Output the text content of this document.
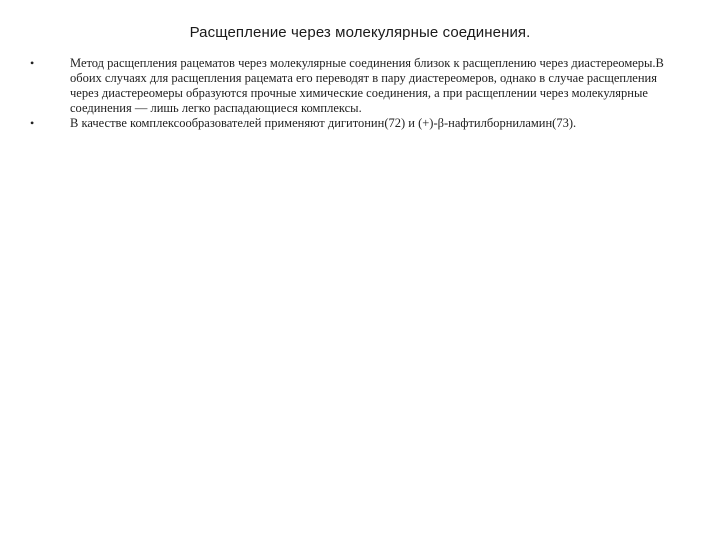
Расщепление через молекулярные соединения.
•	Метод расщепления рацематов через молекулярные соединения близок к расщеплению через диастереомеры.В обоих случаях для расщепления рацемата его переводят в пару диастереомеров, однако в случае расщепления через диастереомеры образуются прочные химические соединения, а при расщеплении через молекулярные соединения — лишь легко распадающиеся комплексы.
•	В качестве комплексообразователей применяют дигитонин(72) и (+)-β-нафтилборниламин(73).
